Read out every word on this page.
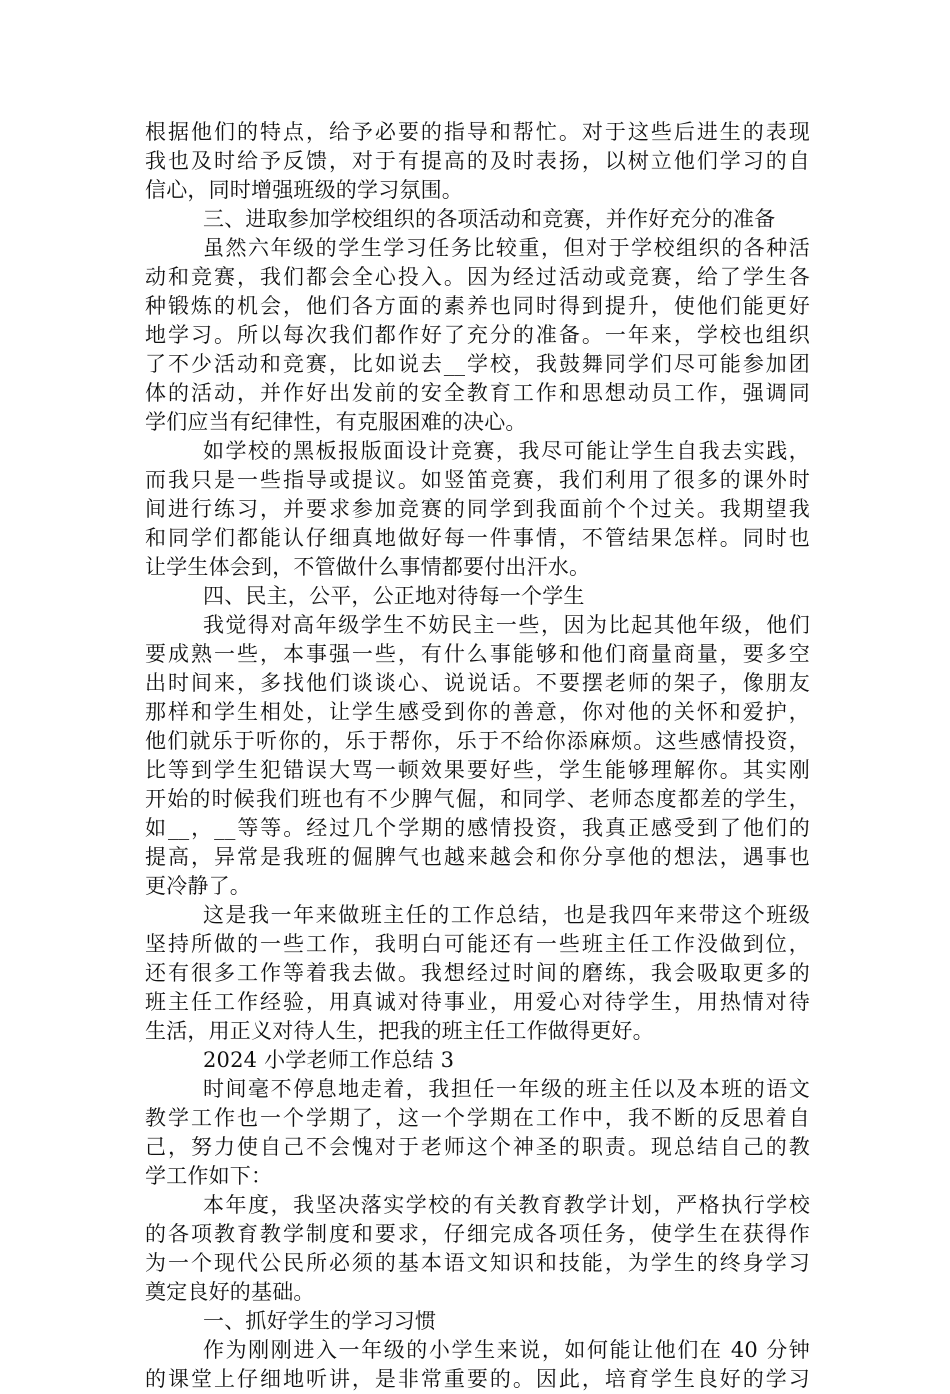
根据他们的特点，给予必要的指导和帮忙。对于这些后进生的表现
我也及时给予反馈，对于有提高的及时表扬，以树立他们学习的自
信心，同时增强班级的学习氛围。
三、进取参加学校组织的各项活动和竞赛，并作好充分的准备
虽然六年级的学生学习任务比较重，但对于学校组织的各种活
动和竞赛，我们都会全心投入。因为经过活动或竞赛，给了学生各
种锻炼的机会，他们各方面的素养也同时得到提升，使他们能更好
地学习。所以每次我们都作好了充分的准备。一年来，学校也组织
了不少活动和竞赛，比如说去__学校，我鼓舞同学们尽可能参加团
体的活动，并作好出发前的安全教育工作和思想动员工作，强调同
学们应当有纪律性，有克服困难的决心。
如学校的黑板报版面设计竞赛，我尽可能让学生自我去实践，
而我只是一些指导或提议。如竖笛竞赛，我们利用了很多的课外时
间进行练习，并要求参加竞赛的同学到我面前个个过关。我期望我
和同学们都能认仔细真地做好每一件事情，不管结果怎样。同时也
让学生体会到，不管做什么事情都要付出汗水。
四、民主，公平，公正地对待每一个学生
我觉得对高年级学生不妨民主一些，因为比起其他年级，他们
要成熟一些，本事强一些，有什么事能够和他们商量商量，要多空
出时间来，多找他们谈谈心、说说话。不要摆老师的架子，像朋友
那样和学生相处，让学生感受到你的善意，你对他的关怀和爱护，
他们就乐于听你的，乐于帮你，乐于不给你添麻烦。这些感情投资，
比等到学生犯错误大骂一顿效果要好些，学生能够理解你。其实刚
开始的时候我们班也有不少脾气倔，和同学、老师态度都差的学生，
如__，__等等。经过几个学期的感情投资，我真正感受到了他们的
提高，异常是我班的倔脾气也越来越会和你分享他的想法，遇事也
更冷静了。
这是我一年来做班主任的工作总结，也是我四年来带这个班级
坚持所做的一些工作，我明白可能还有一些班主任工作没做到位，
还有很多工作等着我去做。我想经过时间的磨练，我会吸取更多的
班主任工作经验，用真诚对待事业，用爱心对待学生，用热情对待
生活，用正义对待人生，把我的班主任工作做得更好。
2024 小学老师工作总结 3
时间毫不停息地走着，我担任一年级的班主任以及本班的语文
教学工作也一个学期了，这一个学期在工作中，我不断的反思着自
己，努力使自己不会愧对于老师这个神圣的职责。现总结自己的教
学工作如下：
本年度，我坚决落实学校的有关教育教学计划，严格执行学校
的各项教育教学制度和要求，仔细完成各项任务，使学生在获得作
为一个现代公民所必须的基本语文知识和技能，为学生的终身学习
奠定良好的基础。
一、抓好学生的学习习惯
作为刚刚进入一年级的小学生来说，如何能让他们在 40 分钟
的课堂上仔细地听讲，是非常重要的。因此，培育学生良好的学习
